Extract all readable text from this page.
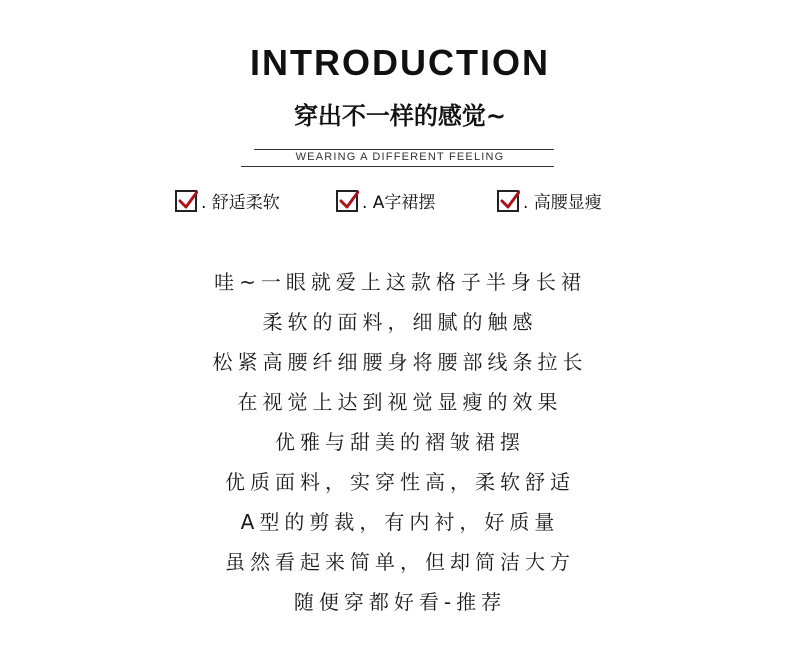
INTRODUCTION
穿出不一样的感觉~
WEARING A DIFFERENT FEELING
. 舒适柔软	. A字裙摆	. 高腰显瘦
哇~一眼就爱上这款格子半身长裙
柔软的面料，细腻的触感
松紧高腰纤细腰身将腰部线条拉长
在视觉上达到视觉显瘦的效果
优雅与甜美的褶皱裙摆
优质面料，实穿性高，柔软舒适
A型的剪裁，有内衬，好质量
虽然看起来简单，但却简洁大方
随便穿都好看-推荐
